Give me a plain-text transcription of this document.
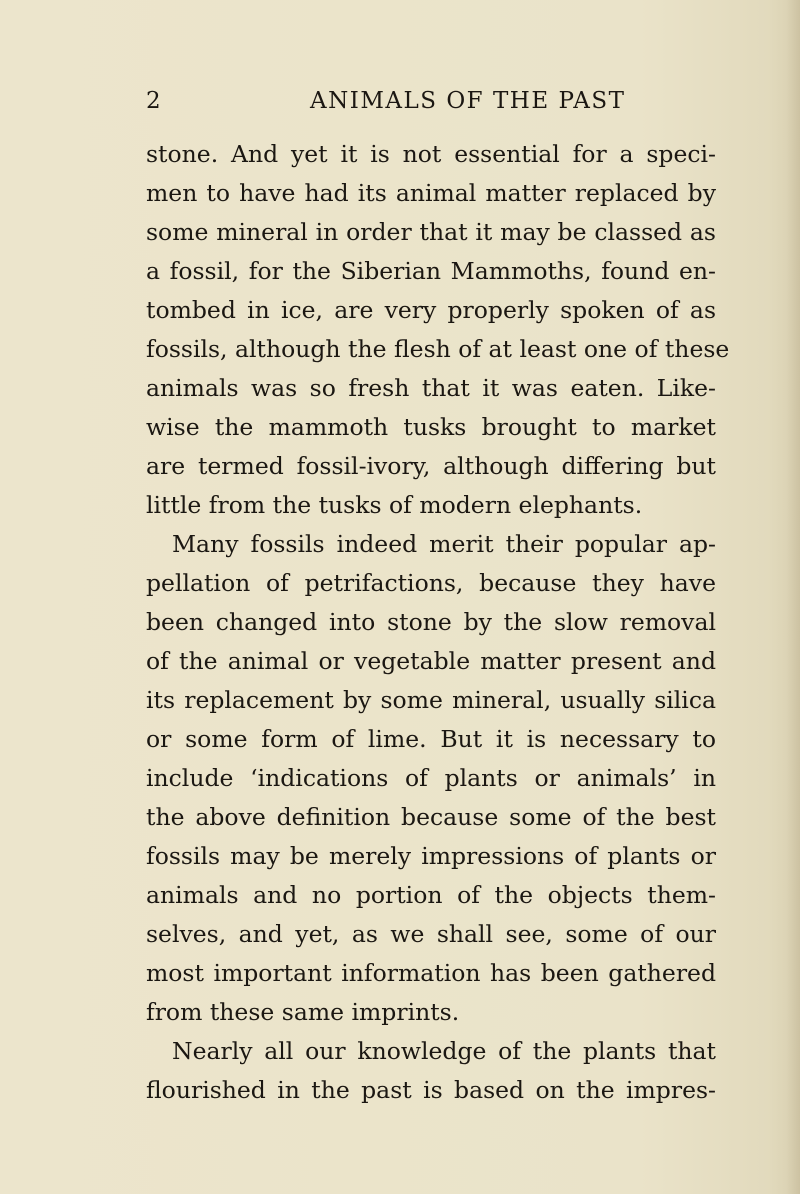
2	ANIMALS OF THE PAST
stone. And yet it is not essential for a speci-
men to have had its animal matter replaced by
some mineral in order that it may be classed as
a fossil, for the Siberian Mammoths, found en-
tombed in ice, are very properly spoken of as
fossils, although the flesh of at least one of these
animals was so fresh that it was eaten. Like-
wise the mammoth tusks brought to market
are termed fossil-ivory, although differing but
little from the tusks of modern elephants.
Many fossils indeed merit their popular ap-
pellation of petrifactions, because they have
been changed into stone by the slow removal
of the animal or vegetable matter present and
its replacement by some mineral, usually silica
or some form of lime. But it is necessary to
include ‘indications of plants or animals’ in
the above definition because some of the best
fossils may be merely impressions of plants or
animals and no portion of the objects them-
selves, and yet, as we shall see, some of our
most important information has been gathered
from these same imprints.
Nearly all our knowledge of the plants that
flourished in the past is based on the impres-
